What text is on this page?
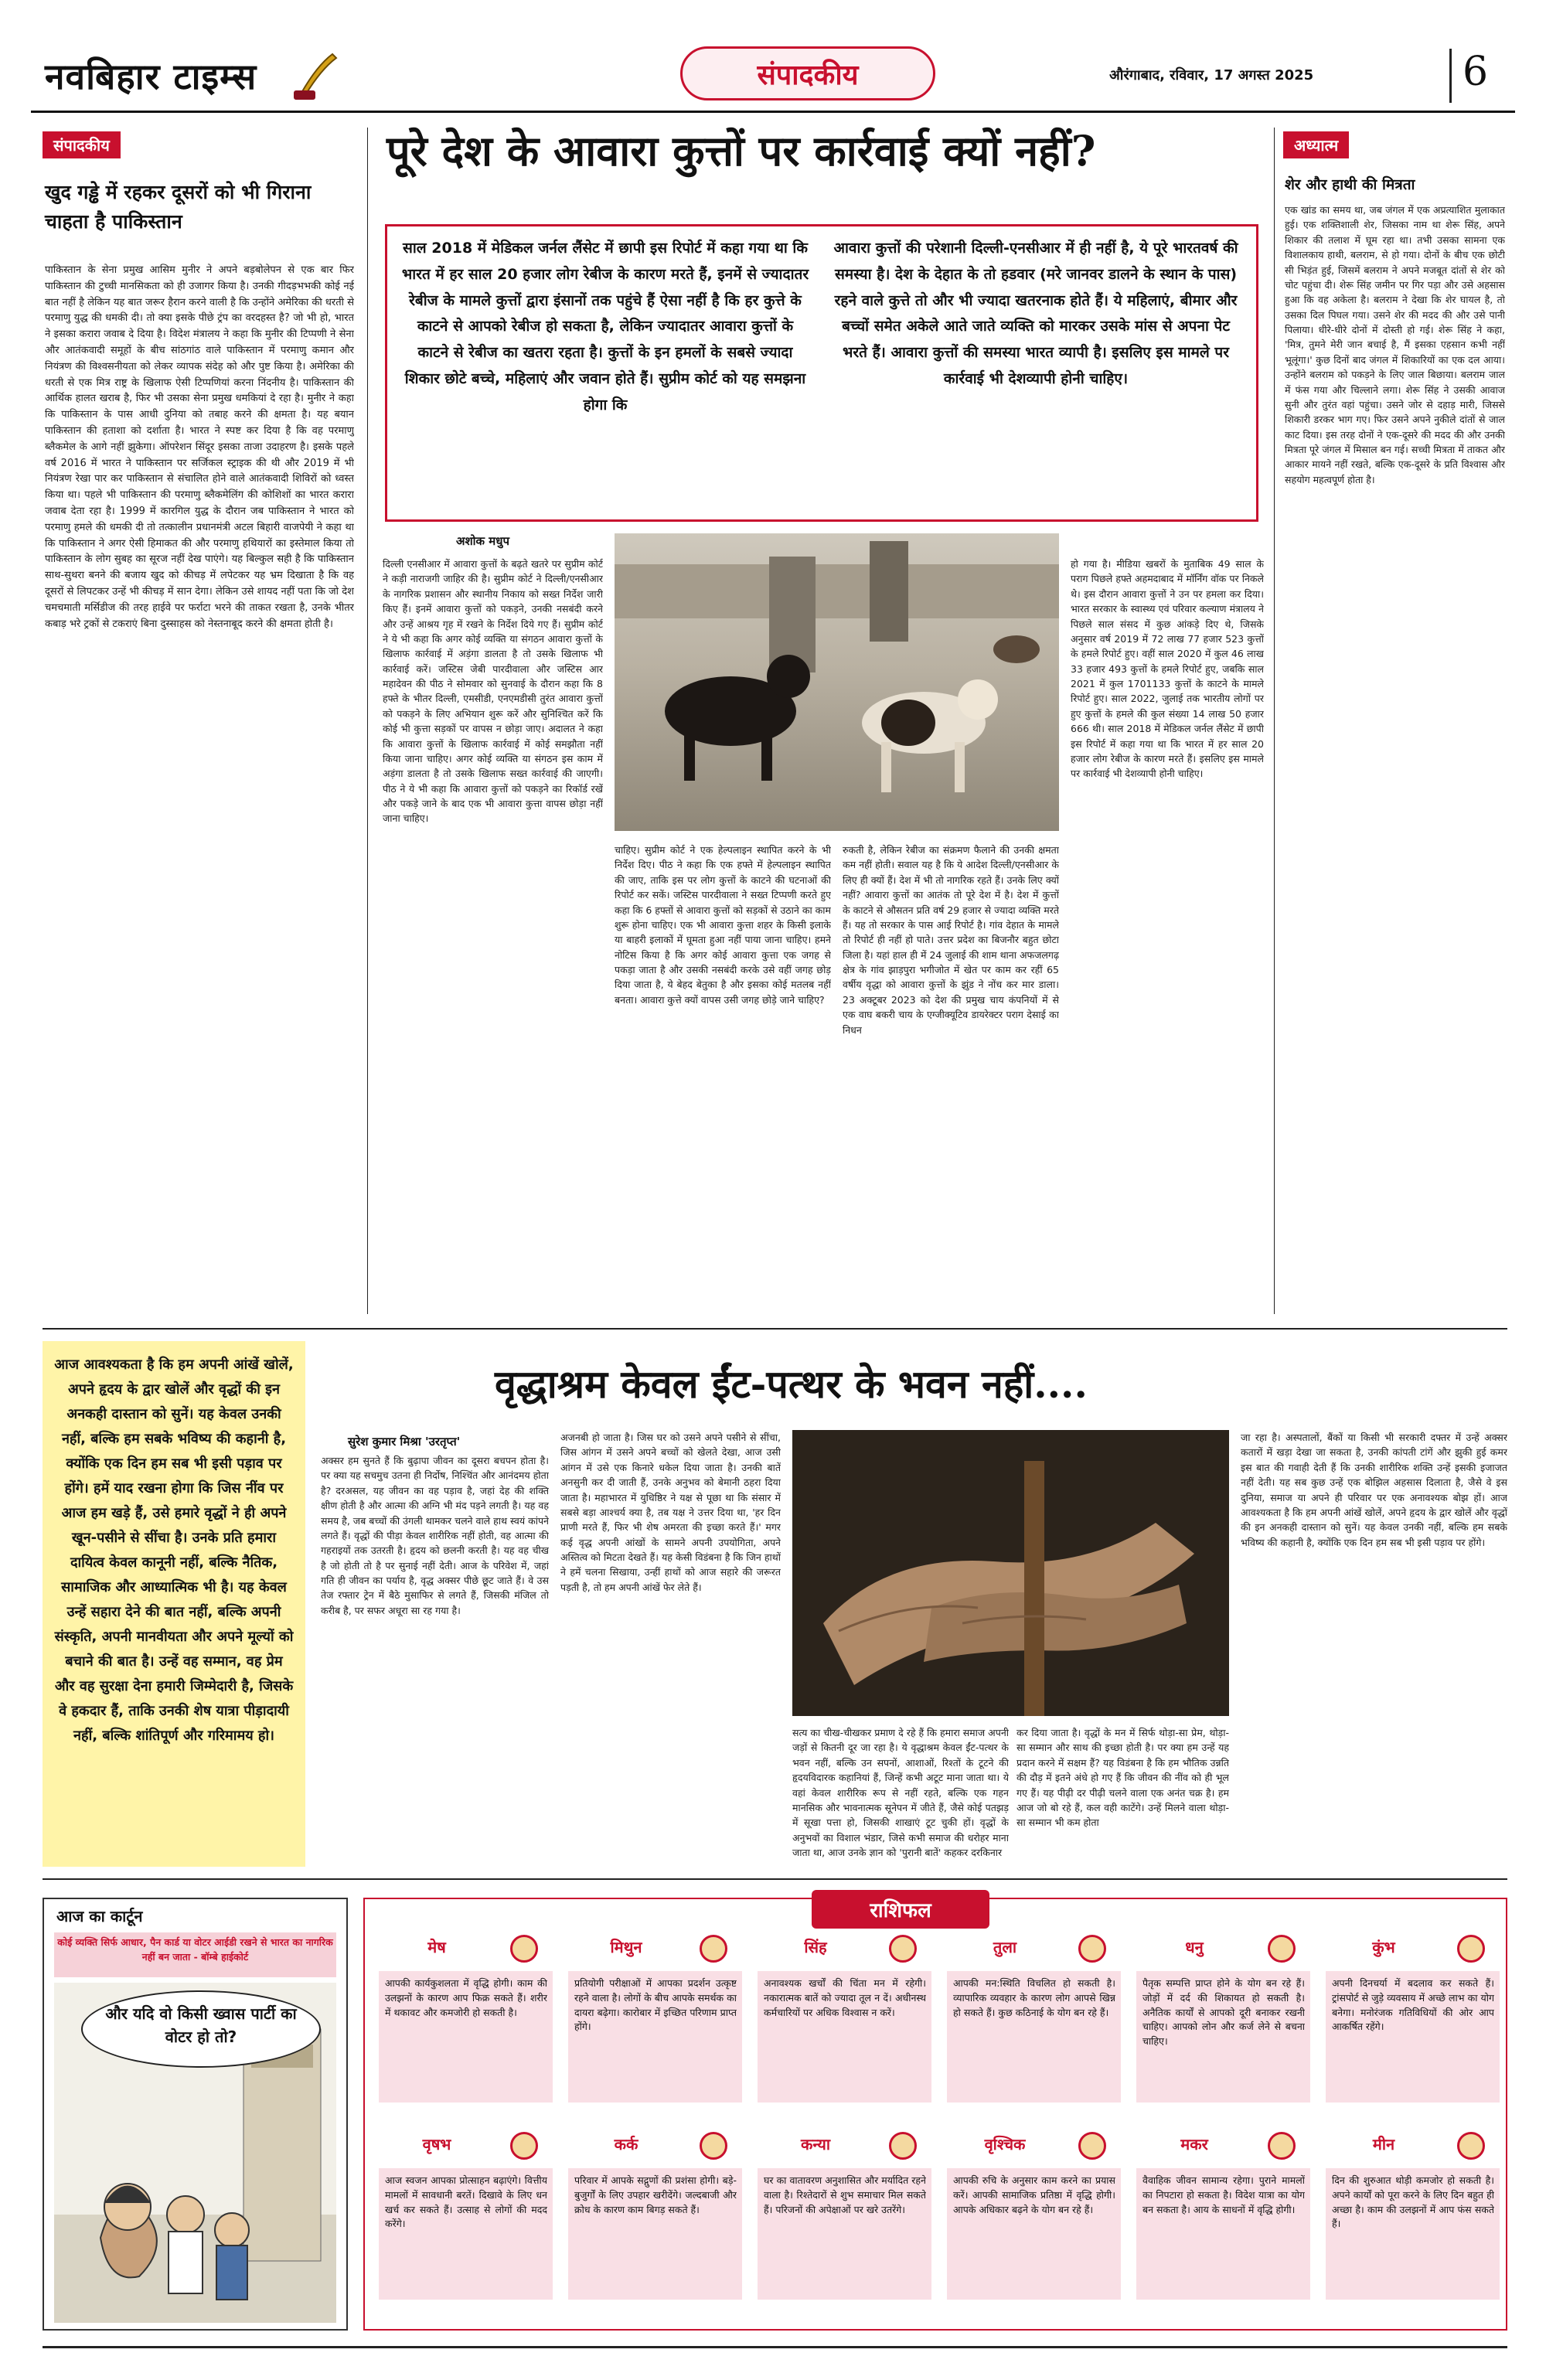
नवबिहार टाइम्स	संपादकीय	औरंगाबाद, रविवार, 17 अगस्त 2025	6
संपादकीय
खुद गड्ढे में रहकर दूसरों को भी गिराना चाहता है पाकिस्तान
पाकिस्तान के सेना प्रमुख आसिम मुनीर ने अपने बड़बोलेपन से एक बार फिर पाकिस्तान की टुच्ची मानसिकता को ही उजागर किया है। उनकी गीदड़भभकी कोई नई बात नहीं है लेकिन यह बात जरूर हैरान करने वाली है कि उन्होंने अमेरिका की धरती से परमाणु युद्ध की धमकी दी। तो क्या इसके पीछे ट्रंप का वरदहस्त है? जो भी हो, भारत ने इसका करारा जवाब दे दिया है। विदेश मंत्रालय ने कहा कि मुनीर की टिप्पणी ने सेना और आतंकवादी समूहों के बीच सांठगांठ वाले पाकिस्तान में परमाणु कमान और नियंत्रण की विश्वसनीयता को लेकर व्यापक संदेह को और पुष्ट किया है। अमेरिका की धरती से एक मित्र राष्ट्र के खिलाफ ऐसी टिप्पणियां करना निंदनीय है। पाकिस्तान की आर्थिक हालत खराब है, फिर भी उसका सेना प्रमुख धमकियां दे रहा है। मुनीर ने कहा कि पाकिस्तान के पास आधी दुनिया को तबाह करने की क्षमता है। यह बयान पाकिस्तान की हताशा को दर्शाता है। भारत ने स्पष्ट कर दिया है कि वह परमाणु ब्लैकमेल के आगे नहीं झुकेगा। ऑपरेशन सिंदूर इसका ताजा उदाहरण है। इसके पहले वर्ष 2016 में भारत ने पाकिस्तान पर सर्जिकल स्ट्राइक की थी और 2019 में भी नियंत्रण रेखा पार कर पाकिस्तान से संचालित होने वाले आतंकवादी शिविरों को ध्वस्त किया था। पहले भी पाकिस्तान की परमाणु ब्लैकमेलिंग की कोशिशों का भारत करारा जवाब देता रहा है। 1999 में कारगिल युद्ध के दौरान जब पाकिस्तान ने भारत को परमाणु हमले की धमकी दी तो तत्कालीन प्रधानमंत्री अटल बिहारी वाजपेयी ने कहा था कि पाकिस्तान ने अगर ऐसी हिमाकत की और परमाणु हथियारों का इस्तेमाल किया तो पाकिस्तान के लोग सुबह का सूरज नहीं देख पाएंगे। यह बिल्कुल सही है कि पाकिस्तान साथ-सुथरा बनने की बजाय खुद को कीचड़ में लपेटकर यह भ्रम दिखाता है कि वह दूसरों से लिपटकर उन्हें भी कीचड़ में सान देगा। लेकिन उसे शायद नहीं पता कि जो देश चमचमाती मर्सिडीज की तरह हाईवे पर फर्राटा भरने की ताकत रखता है, उनके भीतर कबाड़ भरे ट्रकों से टकराएं बिना दुस्साहस को नेस्तनाबूद करने की क्षमता होती है।
पूरे देश के आवारा कुत्तों पर कार्रवाई क्यों नहीं?
साल 2018 में मेडिकल जर्नल लैंसेट में छापी इस रिपोर्ट में कहा गया था कि भारत में हर साल 20 हजार लोग रेबीज के कारण मरते हैं, इनमें से ज्यादातर रेबीज के मामले कुत्तों द्वारा इंसानों तक पहुंचे हैं ऐसा नहीं है कि हर कुत्ते के काटने से आपको रेबीज हो सकता है, लेकिन ज्यादातर आवारा कुत्तों के काटने से रेबीज का खतरा रहता है। कुत्तों के इन हमलों के सबसे ज्यादा शिकार छोटे बच्चे, महिलाएं और जवान होते हैं। सुप्रीम कोर्ट को यह समझना होगा कि
आवारा कुत्तों की परेशानी दिल्ली-एनसीआर में ही नहीं है, ये पूरे भारतवर्ष की समस्या है। देश के देहात के तो हडवार (मरे जानवर डालने के स्थान के पास) रहने वाले कुत्ते तो और भी ज्यादा खतरनाक होते हैं। ये महिलाएं, बीमार और बच्चों समेत अकेले आते जाते व्यक्ति को मारकर उसके मांस से अपना पेट भरते हैं। आवारा कुत्तों की समस्या भारत व्यापी है। इसलिए इस मामले पर कार्रवाई भी देशव्यापी होनी चाहिए।
अशोक मधुप
दिल्ली एनसीआर में आवारा कुत्तों के बढ़ते खतरे पर सुप्रीम कोर्ट ने कड़ी नाराजगी जाहिर की है। सुप्रीम कोर्ट ने दिल्ली/एनसीआर के नागरिक प्रशासन और स्थानीय निकाय को सख्त निर्देश जारी किए हैं। इनमें आवारा कुत्तों को पकड़ने, उनकी नसबंदी करने और उन्हें आश्रय गृह में रखने के निर्देश दिये गए हैं। सुप्रीम कोर्ट ने ये भी कहा कि अगर कोई व्यक्ति या संगठन आवारा कुत्तों के खिलाफ कार्रवाई में अड़ंगा डालता है तो उसके खिलाफ भी कार्रवाई करें। जस्टिस जेबी पारदीवाला और जस्टिस आर महादेवन की पीठ ने सोमवार को सुनवाई के दौरान कहा कि 8 हफ्ते के भीतर दिल्ली, एमसीडी, एनएमडीसी तुरंत आवारा कुत्तों को पकड़ने के लिए अभियान शुरू करें और सुनिश्चित करें कि कोई भी कुत्ता सड़कों पर वापस न छोड़ा जाए। अदालत ने कहा कि आवारा कुत्तों के खिलाफ कार्रवाई में कोई समझौता नहीं किया जाना चाहिए। अगर कोई व्यक्ति या संगठन इस काम में अड़ंगा डालता है तो उसके खिलाफ सख्त कार्रवाई की जाएगी। पीठ ने ये भी कहा कि आवारा कुत्तों को पकड़ने का रिकॉर्ड रखें और पकड़े जाने के बाद एक भी आवारा कुत्ता वापस छोड़ा नहीं जाना चाहिए।
चाहिए। सुप्रीम कोर्ट ने एक हेल्पलाइन स्थापित करने के भी निर्देश दिए। पीठ ने कहा कि एक हफ्ते में हेल्पलाइन स्थापित की जाए, ताकि इस पर लोग कुत्तों के काटने की घटनाओं की रिपोर्ट कर सकें। जस्टिस पारदीवाला ने सख्त टिप्पणी करते हुए कहा कि 6 हफ्तों से आवारा कुत्तों को सड़कों से उठाने का काम शुरू होना चाहिए। एक भी आवारा कुत्ता शहर के किसी इलाके या बाहरी इलाकों में घूमता हुआ नहीं पाया जाना चाहिए। हमने नोटिस किया है कि अगर कोई आवारा कुत्ता एक जगह से पकड़ा जाता है और उसकी नसबंदी करके उसे वहीं जगह छोड़ दिया जाता है, ये बेहद बेतुका है और इसका कोई मतलब नहीं बनता। आवारा कुत्ते क्यों वापस उसी जगह छोड़े जाने चाहिए?
रुकती है, लेकिन रेबीज का संक्रमण फैलाने की उनकी क्षमता कम नहीं होती। सवाल यह है कि ये आदेश दिल्ली/एनसीआर के लिए ही क्यों हैं। देश में भी तो नागरिक रहते हैं। उनके लिए क्यों नहीं? आवारा कुत्तों का आतंक तो पूरे देश में है। देश में कुत्तों के काटने से औसतन प्रति वर्ष 29 हजार से ज्यादा व्यक्ति मरते हैं। यह तो सरकार के पास आई रिपोर्ट है। गांव देहात के मामले तो रिपोर्ट ही नहीं हो पाते। उत्तर प्रदेश का बिजनौर बहुत छोटा जिला है। यहां हाल ही में 24 जुलाई की शाम थाना अफजलगढ़ क्षेत्र के गांव झाड़पुरा भगीजोत में खेत पर काम कर रहीं 65 वर्षीय वृद्धा को आवारा कुत्तों के झुंड ने नोंच कर मार डाला। 23 अक्टूबर 2023 को देश की प्रमुख चाय कंपनियों में से एक वाघ बकरी चाय के एग्जीक्यूटिव डायरेक्टर पराग देसाई का निधन
हो गया है। मीडिया खबरों के मुताबिक 49 साल के पराग पिछले हफ्ते अहमदाबाद में मॉर्निंग वॉक पर निकले थे। इस दौरान आवारा कुत्तों ने उन पर हमला कर दिया। भारत सरकार के स्वास्थ्य एवं परिवार कल्याण मंत्रालय ने पिछले साल संसद में कुछ आंकड़े दिए थे, जिसके अनुसार वर्ष 2019 में 72 लाख 77 हजार 523 कुत्तों के हमले रिपोर्ट हुए। वहीं साल 2020 में कुल 46 लाख 33 हजार 493 कुत्तों के हमले रिपोर्ट हुए, जबकि साल 2021 में कुल 1701133 कुत्तों के काटने के मामले रिपोर्ट हुए। साल 2022, जुलाई तक भारतीय लोगों पर हुए कुत्तों के हमले की कुल संख्या 14 लाख 50 हजार 666 थी। साल 2018 में मेडिकल जर्नल लैंसेट में छापी इस रिपोर्ट में कहा गया था कि भारत में हर साल 20 हजार लोग रेबीज के कारण मरते हैं। इसलिए इस मामले पर कार्रवाई भी देशव्यापी होनी चाहिए।
अध्यात्म
शेर और हाथी की मित्रता
एक खांड का समय था, जब जंगल में एक अप्रत्याशित मुलाकात हुई। एक शक्तिशाली शेर, जिसका नाम था शेरू सिंह, अपने शिकार की तलाश में घूम रहा था। तभी उसका सामना एक विशालकाय हाथी, बलराम, से हो गया। दोनों के बीच एक छोटी सी भिड़ंत हुई, जिसमें बलराम ने अपने मजबूत दांतों से शेर को चोट पहुंचा दी। शेरू सिंह जमीन पर गिर पड़ा और उसे अहसास हुआ कि वह अकेला है। बलराम ने देखा कि शेर घायल है, तो उसका दिल पिघल गया। उसने शेर की मदद की और उसे पानी पिलाया। धीरे-धीरे दोनों में दोस्ती हो गई। शेरू सिंह ने कहा, 'मित्र, तुमने मेरी जान बचाई है, मैं इसका एहसान कभी नहीं भूलूंगा।' कुछ दिनों बाद जंगल में शिकारियों का एक दल आया। उन्होंने बलराम को पकड़ने के लिए जाल बिछाया। बलराम जाल में फंस गया और चिल्लाने लगा। शेरू सिंह ने उसकी आवाज सुनी और तुरंत वहां पहुंचा। उसने जोर से दहाड़ मारी, जिससे शिकारी डरकर भाग गए। फिर उसने अपने नुकीले दांतों से जाल काट दिया। इस तरह दोनों ने एक-दूसरे की मदद की और उनकी मित्रता पूरे जंगल में मिसाल बन गई। सच्ची मित्रता में ताकत और आकार मायने नहीं रखते, बल्कि एक-दूसरे के प्रति विश्वास और सहयोग महत्वपूर्ण होता है।
आज आवश्यकता है कि हम अपनी आंखें खोलें, अपने हृदय के द्वार खोलें और वृद्धों की इन अनकही दास्तान को सुनें। यह केवल उनकी नहीं, बल्कि हम सबके भविष्य की कहानी है, क्योंकि एक दिन हम सब भी इसी पड़ाव पर होंगे। हमें याद रखना होगा कि जिस नींव पर आज हम खड़े हैं, उसे हमारे वृद्धों ने ही अपने खून-पसीने से सींचा है। उनके प्रति हमारा दायित्व केवल कानूनी नहीं, बल्कि नैतिक, सामाजिक और आध्यात्मिक भी है। यह केवल उन्हें सहारा देने की बात नहीं, बल्कि अपनी संस्कृति, अपनी मानवीयता और अपने मूल्यों को बचाने की बात है। उन्हें वह सम्मान, वह प्रेम और वह सुरक्षा देना हमारी जिम्मेदारी है, जिसके वे हकदार हैं, ताकि उनकी शेष यात्रा पीड़ादायी नहीं, बल्कि शांतिपूर्ण और गरिमामय हो।
वृद्धाश्रम केवल ईंट-पत्थर के भवन नहीं....
सुरेश कुमार मिश्रा 'उरतृप्त'
अक्सर हम सुनते हैं कि बुढ़ापा जीवन का दूसरा बचपन होता है। पर क्या यह सचमुच उतना ही निर्दोष, निश्चिंत और आनंदमय होता है? दरअसल, यह जीवन का वह पड़ाव है, जहां देह की शक्ति क्षीण होती है और आत्मा की अग्नि भी मंद पड़ने लगती है। यह वह समय है, जब बच्चों की उंगली थामकर चलने वाले हाथ स्वयं कांपने लगते हैं। वृद्धों की पीड़ा केवल शारीरिक नहीं होती, वह आत्मा की गहराइयों तक उतरती है। हृदय को छलनी करती है। यह वह चीख है जो होती तो है पर सुनाई नहीं देती। आज के परिवेश में, जहां गति ही जीवन का पर्याय है, वृद्ध अक्सर पीछे छूट जाते हैं। वे उस तेज रफ्तार ट्रेन में बैठे मुसाफिर से लगते हैं, जिसकी मंजिल तो करीब है, पर सफर अधूरा सा रह गया है।
अजनबी हो जाता है। जिस घर को उसने अपने पसीने से सींचा, जिस आंगन में उसने अपने बच्चों को खेलते देखा, आज उसी आंगन में उसे एक किनारे धकेल दिया जाता है। उनकी बातें अनसुनी कर दी जाती हैं, उनके अनुभव को बेमानी ठहरा दिया जाता है। महाभारत में युधिष्ठिर ने यक्ष से पूछा था कि संसार में सबसे बड़ा आश्चर्य क्या है, तब यक्ष ने उत्तर दिया था, 'हर दिन प्राणी मरते हैं, फिर भी शेष अमरता की इच्छा करते हैं।' मगर कई वृद्ध अपनी आंखों के सामने अपनी उपयोगिता, अपने अस्तित्व को मिटता देखते हैं। यह केसी विडंबना है कि जिन हाथों ने हमें चलना सिखाया, उन्हीं हाथों को आज सहारे की जरूरत पड़ती है, तो हम अपनी आंखें फेर लेते हैं।
सत्य का चीख-चीखकर प्रमाण दे रहे हैं कि हमारा समाज अपनी जड़ों से कितनी दूर जा रहा है। ये वृद्धाश्रम केवल ईंट-पत्थर के भवन नहीं, बल्कि उन सपनों, आशाओं, रिश्तों के टूटने की हृदयविदारक कहानियां हैं, जिन्हें कभी अटूट माना जाता था। ये वहां केवल शारीरिक रूप से नहीं रहते, बल्कि एक गहन मानसिक और भावनात्मक सूनेपन में जीते हैं, जैसे कोई पतझड़ में सूखा पत्ता हो, जिसकी शाखाएं टूट चुकी हों। वृद्धों के अनुभवों का विशाल भंडार, जिसे कभी समाज की धरोहर माना जाता था, आज उनके ज्ञान को 'पुरानी बातें' कहकर दरकिनार
कर दिया जाता है। वृद्धों के मन में सिर्फ थोड़ा-सा प्रेम, थोड़ा-सा सम्मान और साथ की इच्छा होती है। पर क्या हम उन्हें यह प्रदान करने में सक्षम हैं? यह विडंबना है कि हम भौतिक उन्नति की दौड़ में इतने अंधे हो गए हैं कि जीवन की नींव को ही भूल गए हैं। यह पीढ़ी दर पीढ़ी चलने वाला एक अनंत चक्र है। हम आज जो बो रहे हैं, कल वही काटेंगे। उन्हें मिलने वाला थोड़ा-सा सम्मान भी कम होता
जा रहा है। अस्पतालों, बैंकों या किसी भी सरकारी दफ्तर में उन्हें अक्सर कतारों में खड़ा देखा जा सकता है, उनकी कांपती टांगें और झुकी हुई कमर इस बात की गवाही देती हैं कि उनकी शारीरिक शक्ति उन्हें इसकी इजाजत नहीं देती। यह सब कुछ उन्हें एक बोझिल अहसास दिलाता है, जैसे वे इस दुनिया, समाज या अपने ही परिवार पर एक अनावश्यक बोझ हों। आज आवश्यकता है कि हम अपनी आंखें खोलें, अपने हृदय के द्वार खोलें और वृद्धों की इन अनकही दास्तान को सुनें। यह केवल उनकी नहीं, बल्कि हम सबके भविष्य की कहानी है, क्योंकि एक दिन हम सब भी इसी पड़ाव पर होंगे।
आज का कार्टून
कोई व्यक्ति सिर्फ आधार, पैन कार्ड या वोटर आईडी रखने से भारत का नागरिक नहीं बन जाता - बॉम्बे हाईकोर्ट
और यदि वो किसी ख्वास पार्टी का वोटर हो तो?
राशिफल
मेष
आपकी कार्यकुशलता में वृद्धि होगी। काम की उलझनों के कारण आप फिक्र सकते हैं। शरीर में थकावट और कमजोरी हो सकती है।
मिथुन
प्रतियोगी परीक्षाओं में आपका प्रदर्शन उत्कृष्ट रहने वाला है। लोगों के बीच आपके समर्थक का दायरा बढ़ेगा। कारोबार में इच्छित परिणाम प्राप्त होंगे।
सिंह
अनावश्यक खर्चों की चिंता मन में रहेगी। नकारात्मक बातें को ज्यादा तूल न दें। अधीनस्थ कर्मचारियों पर अधिक विश्वास न करें।
तुला
आपकी मन:स्थिति विचलित हो सकती है। व्यापारिक व्यवहार के कारण लोग आपसे खिन्न हो सकते हैं। कुछ कठिनाई के योग बन रहे हैं।
धनु
पैतृक सम्पत्ति प्राप्त होने के योग बन रहे हैं। जोड़ों में दर्द की शिकायत हो सकती है। अनैतिक कार्यों से आपको दूरी बनाकर रखनी चाहिए। आपको लोन और कर्ज लेने से बचना चाहिए।
कुंभ
अपनी दिनचर्या में बदलाव कर सकते हैं। ट्रांसपोर्ट से जुड़े व्यवसाय में अच्छे लाभ का योग बनेगा। मनोरंजक गतिविधियों की ओर आप आकर्षित रहेंगे।
वृषभ
आज स्वजन आपका प्रोत्साहन बढ़ाएंगे। वित्तीय मामलों में सावधानी बरतें। दिखावे के लिए धन खर्च कर सकते हैं। उत्साह से लोगों की मदद करेंगे।
कर्क
परिवार में आपके सद्गुणों की प्रशंसा होगी। बड़े-बुजुर्गों के लिए उपहार खरीदेंगे। जल्दबाजी और क्रोध के कारण काम बिगड़ सकते हैं।
कन्या
घर का वातावरण अनुशासित और मर्यादित रहने वाला है। रिश्तेदारों से शुभ समाचार मिल सकते हैं। परिजनों की अपेक्षाओं पर खरे उतरेंगे।
वृश्चिक
आपकी रुचि के अनुसार काम करने का प्रयास करें। आपकी सामाजिक प्रतिष्ठा में वृद्धि होगी। आपके अधिकार बढ़ने के योग बन रहे हैं।
मकर
वैवाहिक जीवन सामान्य रहेगा। पुराने मामलों का निपटारा हो सकता है। विदेश यात्रा का योग बन सकता है। आय के साधनों में वृद्धि होगी।
मीन
दिन की शुरुआत थोड़ी कमजोर हो सकती है। अपने कार्यों को पूरा करने के लिए दिन बहुत ही अच्छा है। काम की उलझनों में आप फंस सकते हैं।
